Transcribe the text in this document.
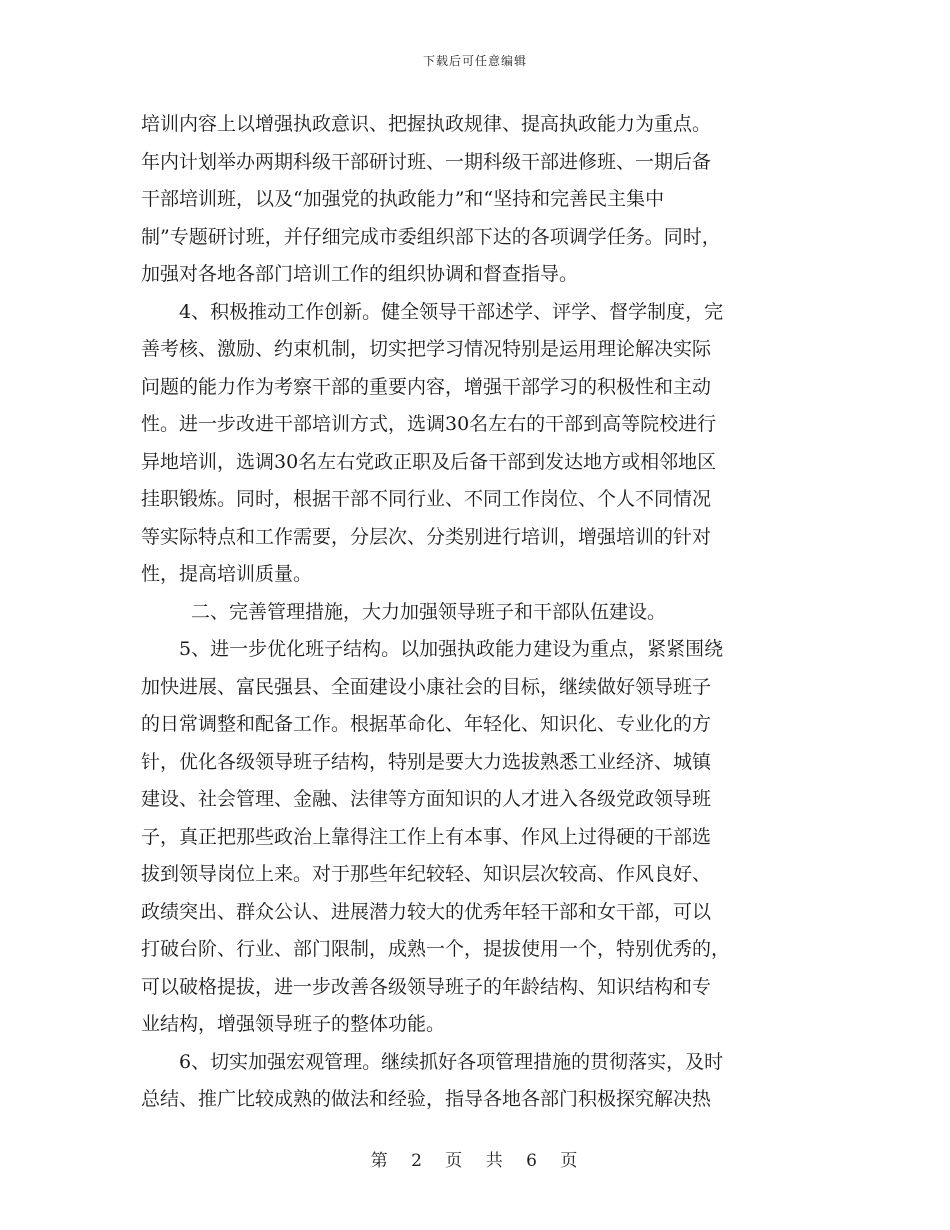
下载后可任意编辑
培训内容上以增强执政意识、把握执政规律、提高执政能力为重点。
年内计划举办两期科级干部研讨班、一期科级干部进修班、一期后备
干部培训班，以及“加强党的执政能力”和“坚持和完善民主集中
制”专题研讨班，并仔细完成市委组织部下达的各项调学任务。同时，
加强对各地各部门培训工作的组织协调和督查指导。
4、积极推动工作创新。健全领导干部述学、评学、督学制度，完
善考核、激励、约束机制，切实把学习情况特别是运用理论解决实际
问题的能力作为考察干部的重要内容，增强干部学习的积极性和主动
性。进一步改进干部培训方式，选调30名左右的干部到高等院校进行
异地培训，选调30名左右党政正职及后备干部到发达地方或相邻地区
挂职锻炼。同时，根据干部不同行业、不同工作岗位、个人不同情况
等实际特点和工作需要，分层次、分类别进行培训，增强培训的针对
性，提高培训质量。
二、完善管理措施，大力加强领导班子和干部队伍建设。
5、进一步优化班子结构。以加强执政能力建设为重点，紧紧围绕
加快进展、富民强县、全面建设小康社会的目标，继续做好领导班子
的日常调整和配备工作。根据革命化、年轻化、知识化、专业化的方
针，优化各级领导班子结构，特别是要大力选拔熟悉工业经济、城镇
建设、社会管理、金融、法律等方面知识的人才进入各级党政领导班
子，真正把那些政治上靠得注工作上有本事、作风上过得硬的干部选
拔到领导岗位上来。对于那些年纪较轻、知识层次较高、作风良好、
政绩突出、群众公认、进展潜力较大的优秀年轻干部和女干部，可以
打破台阶、行业、部门限制，成熟一个，提拔使用一个，特别优秀的，
可以破格提拔，进一步改善各级领导班子的年龄结构、知识结构和专
业结构，增强领导班子的整体功能。
6、切实加强宏观管理。继续抓好各项管理措施的贯彻落实，及时
总结、推广比较成熟的做法和经验，指导各地各部门积极探究解决热
第 2 页 共 6 页
